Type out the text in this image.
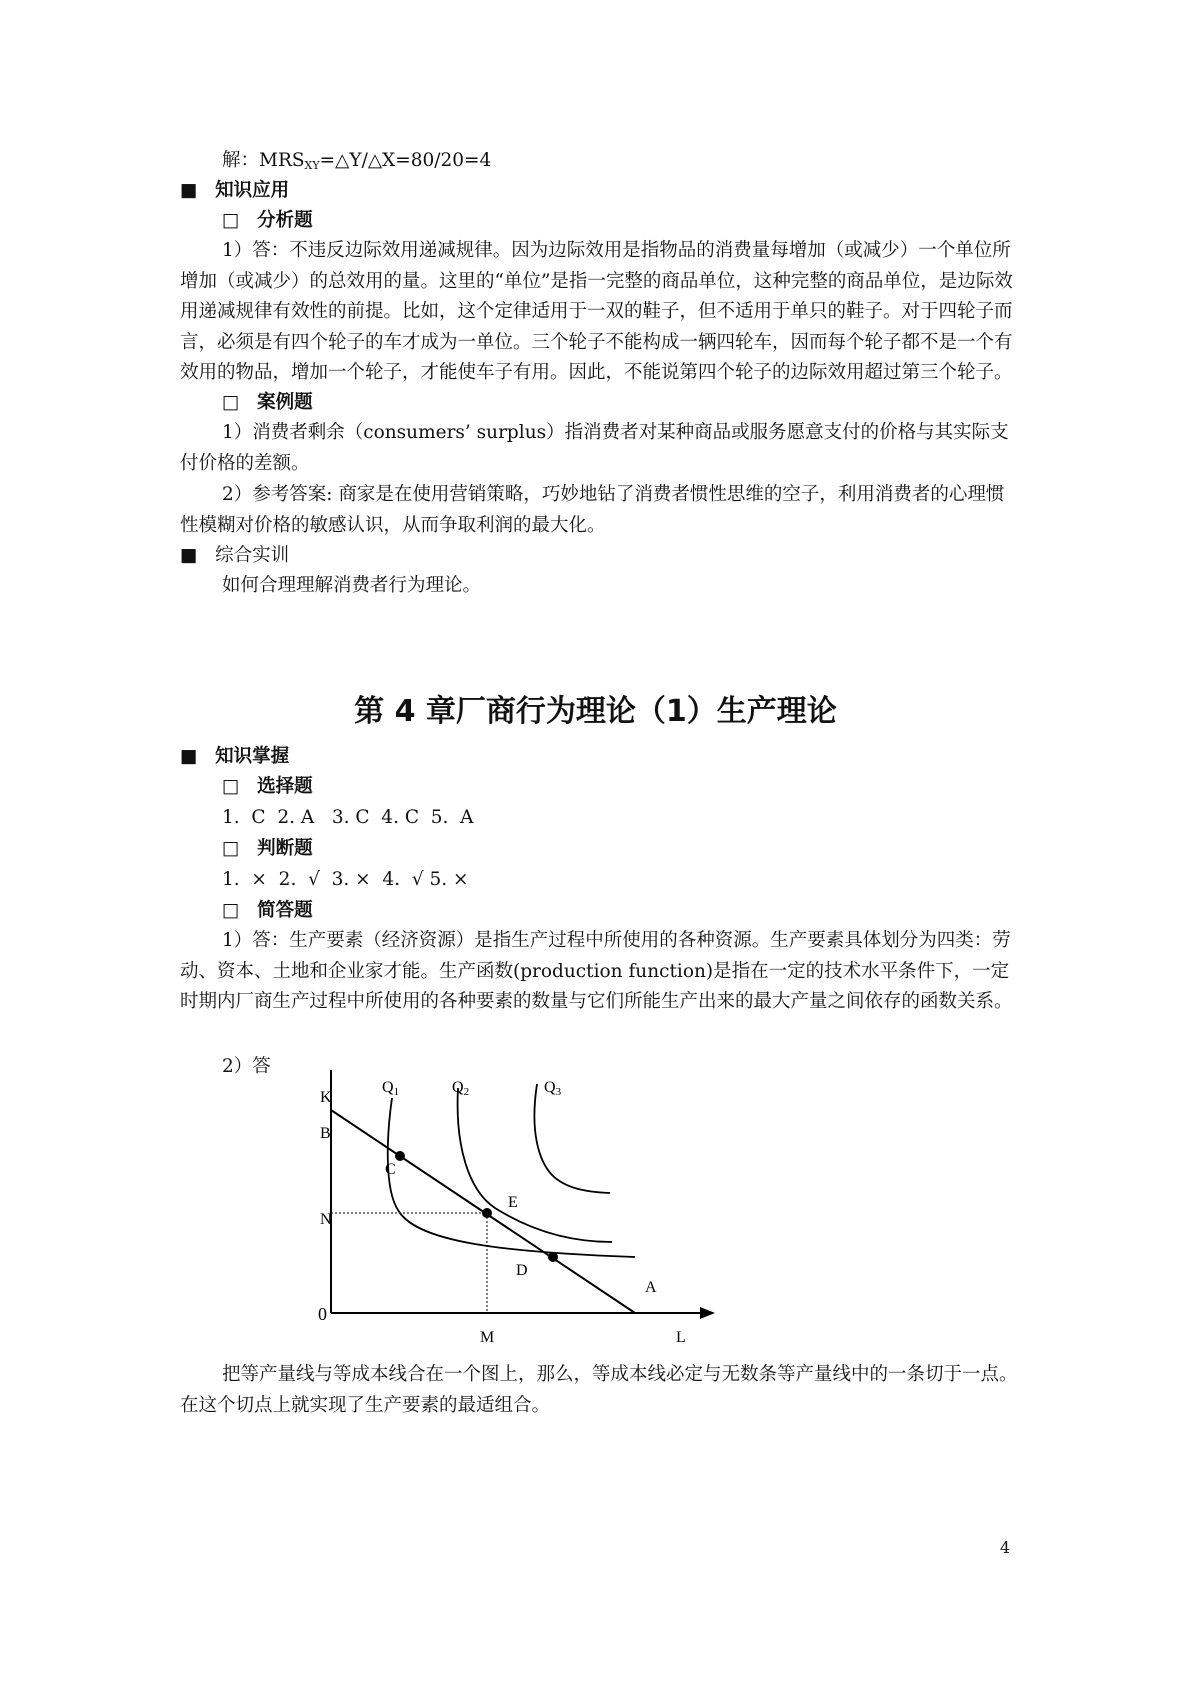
解：$MRS_{XY}=\triangle Y/\triangle X=80/20=4$
■ 知识应用
□ 分析题
1）答：不违反边际效用递减规律。因为边际效用是指物品的消费量每增加（或减少）一个单位所增加（或减少）的总效用的量。这里的“单位”是指一完整的商品单位，这种完整的商品单位，是边际效用递减规律有效性的前提。比如，这个定律适用于一双的鞋子，但不适用于单只的鞋子。对于四轮子而言，必须是有四个轮子的车才成为一单位。三个轮子不能构成一辆四轮车，因而每个轮子都不是一个有效用的物品，增加一个轮子，才能使车子有用。因此，不能说第四个轮子的边际效用超过第三个轮子。
□ 案例题
1）消费者剩余（consumers’ surplus）指消费者对某种商品或服务愿意支付的价格与其实际支付价格的差额。
2）参考答案: 商家是在使用营销策略，巧妙地钻了消费者惯性思维的空子，利用消费者的心理惯性模糊对价格的敏感认识，从而争取利润的最大化。
■ 综合实训
如何合理理解消费者行为理论。
第 4 章厂商行为理论（1）生产理论
■ 知识掌握
□ 选择题
1.  C  2. A   3. C  4. C  5.  A
□ 判断题
1.  ×  2.  √  3. ×  4.  √ 5. ×
□ 简答题
1）答：生产要素（经济资源）是指生产过程中所使用的各种资源。生产要素具体划分为四类：劳动、资本、土地和企业家才能。生产函数(production function)是指在一定的技术水平条件下，一定时期内厂商生产过程中所使用的各种要素的数量与它们所能生产出来的最大产量之间依存的函数关系。
2）答
K
B
C
N
E
D
A
0
M	L
Q1	Q2	Q3
把等产量线与等成本线合在一个图上，那么，等成本线必定与无数条等产量线中的一条切于一点。在这个切点上就实现了生产要素的最适组合。
4
